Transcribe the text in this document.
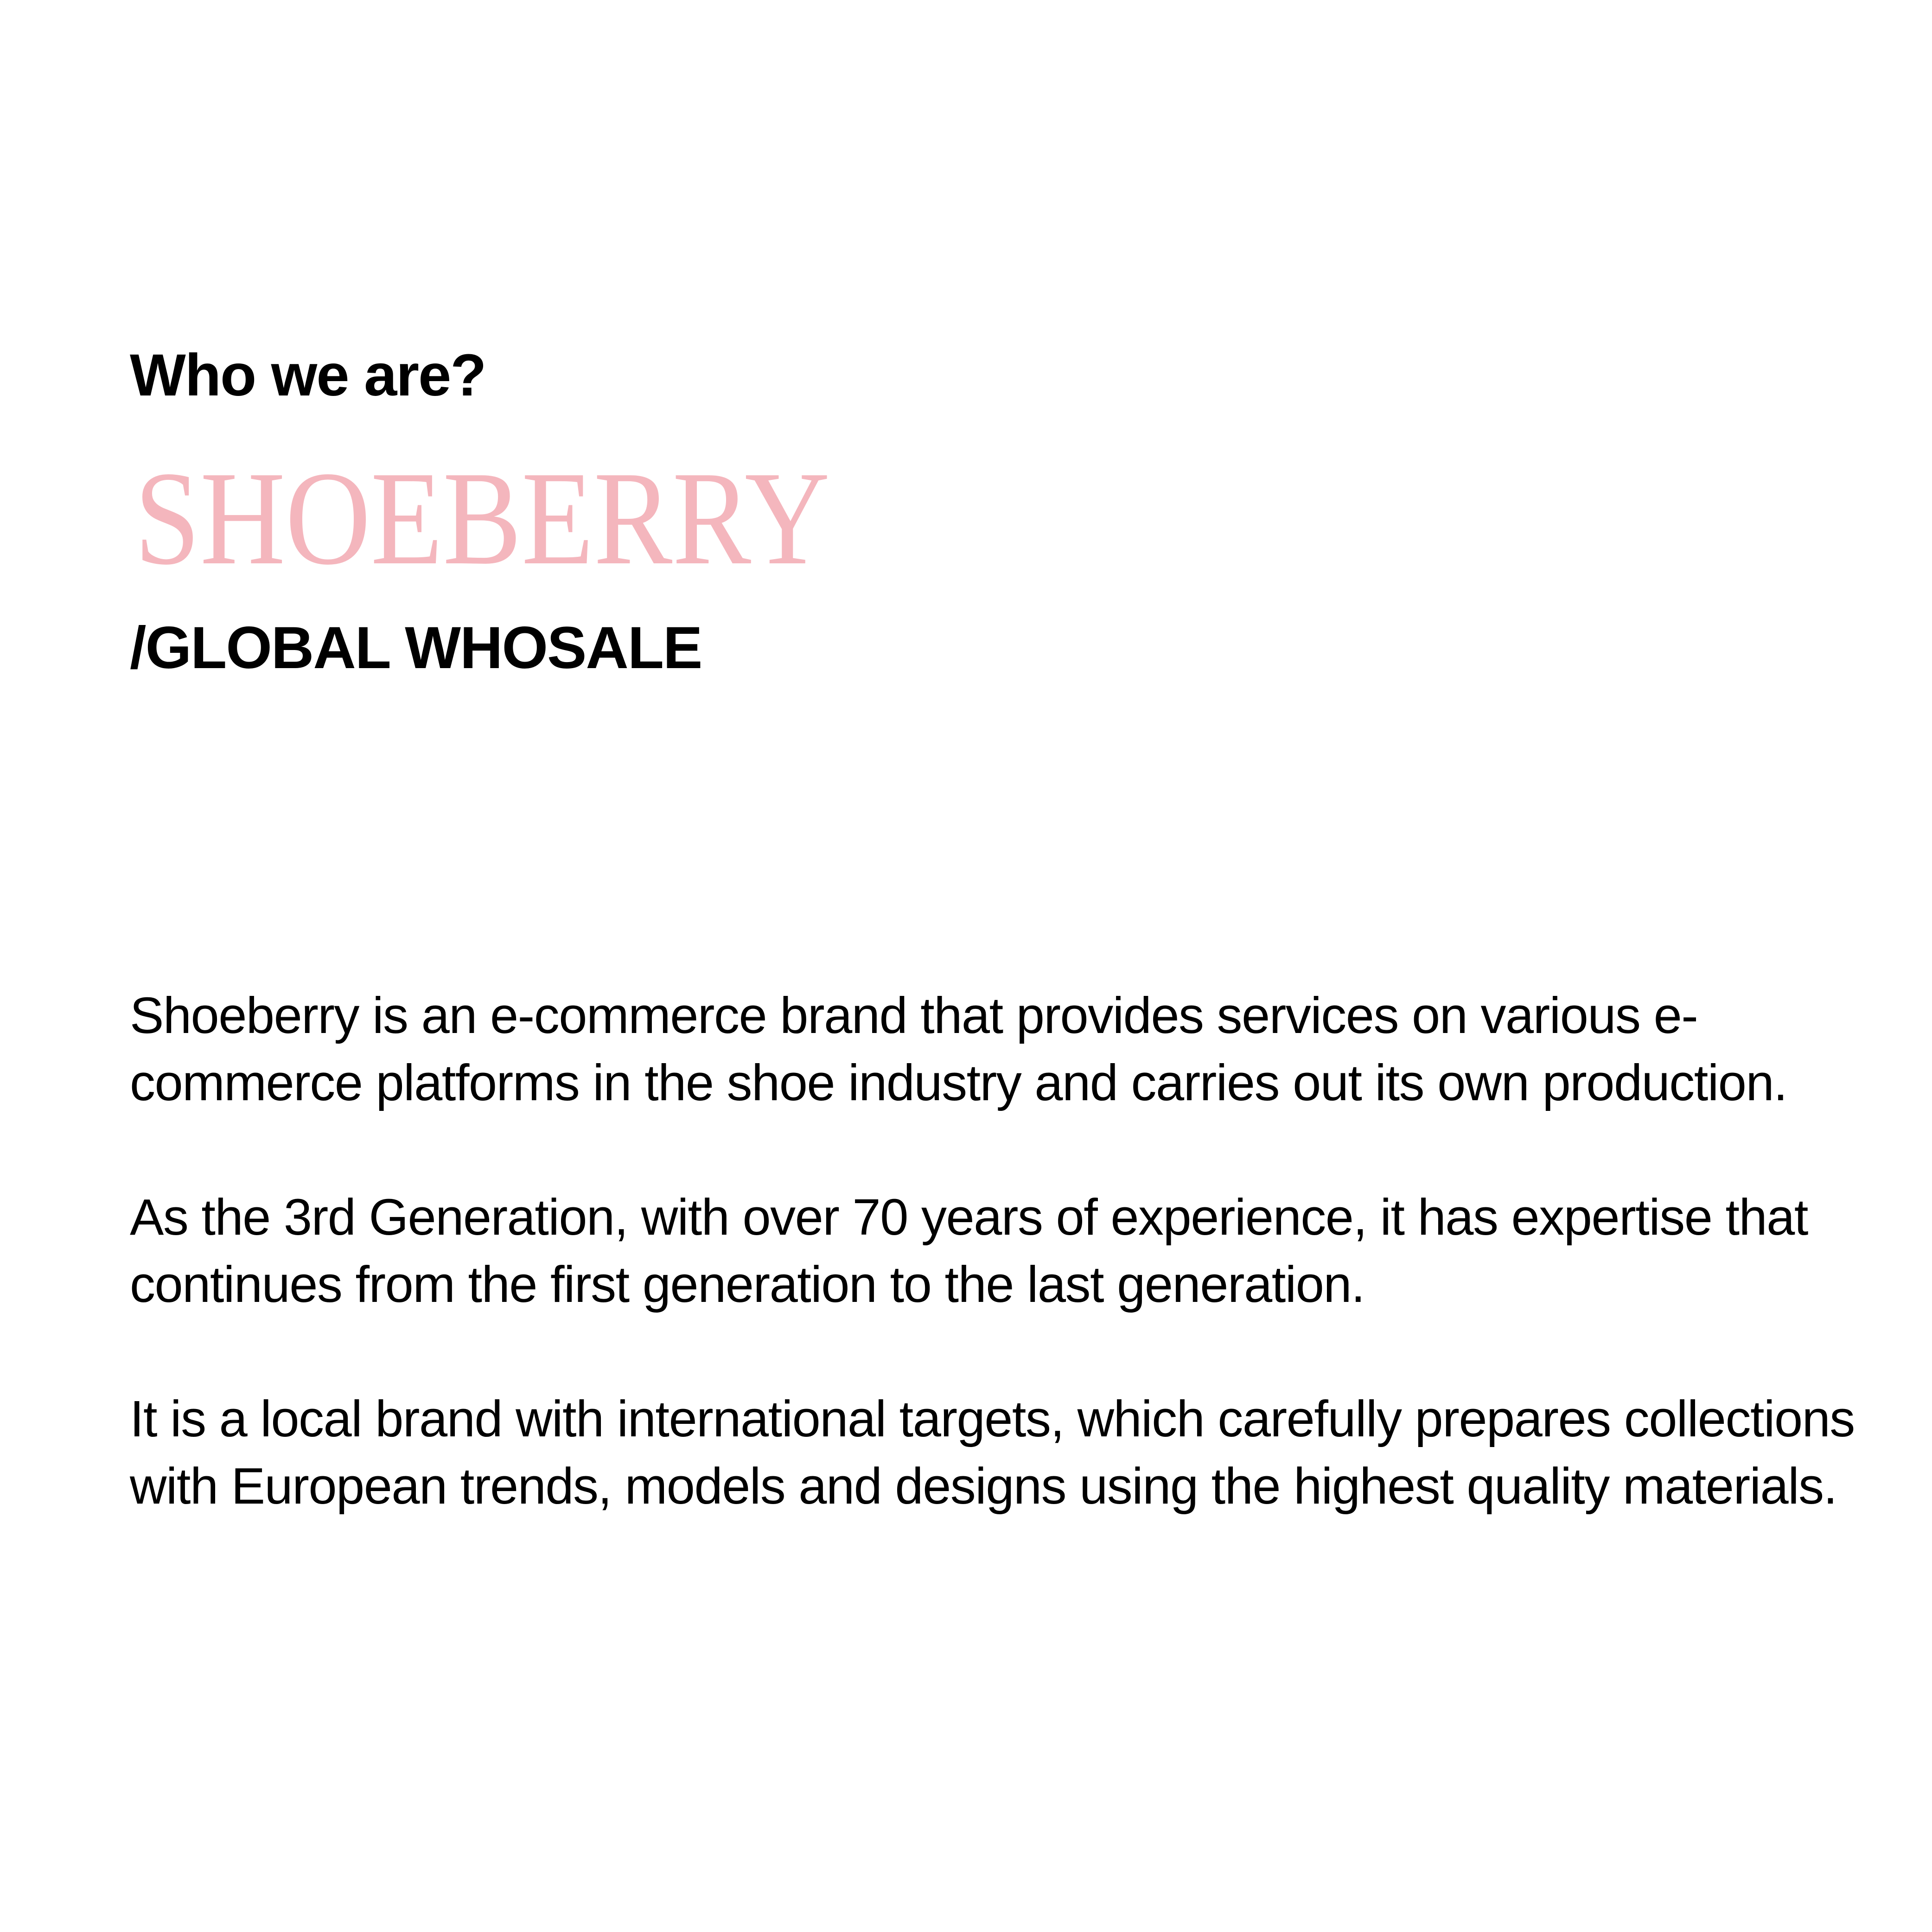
Who we are?
SHOEBERRY
/GLOBAL WHOSALE

Shoeberry is an e-commerce brand that provides services on various e-commerce platforms in the shoe industry and carries out its own production.

As the 3rd Generation, with over 70 years of experience, it has expertise that continues from the first generation to the last generation.

It is a local brand with international targets, which carefully prepares collections with European trends, models and designs using the highest quality materials.
